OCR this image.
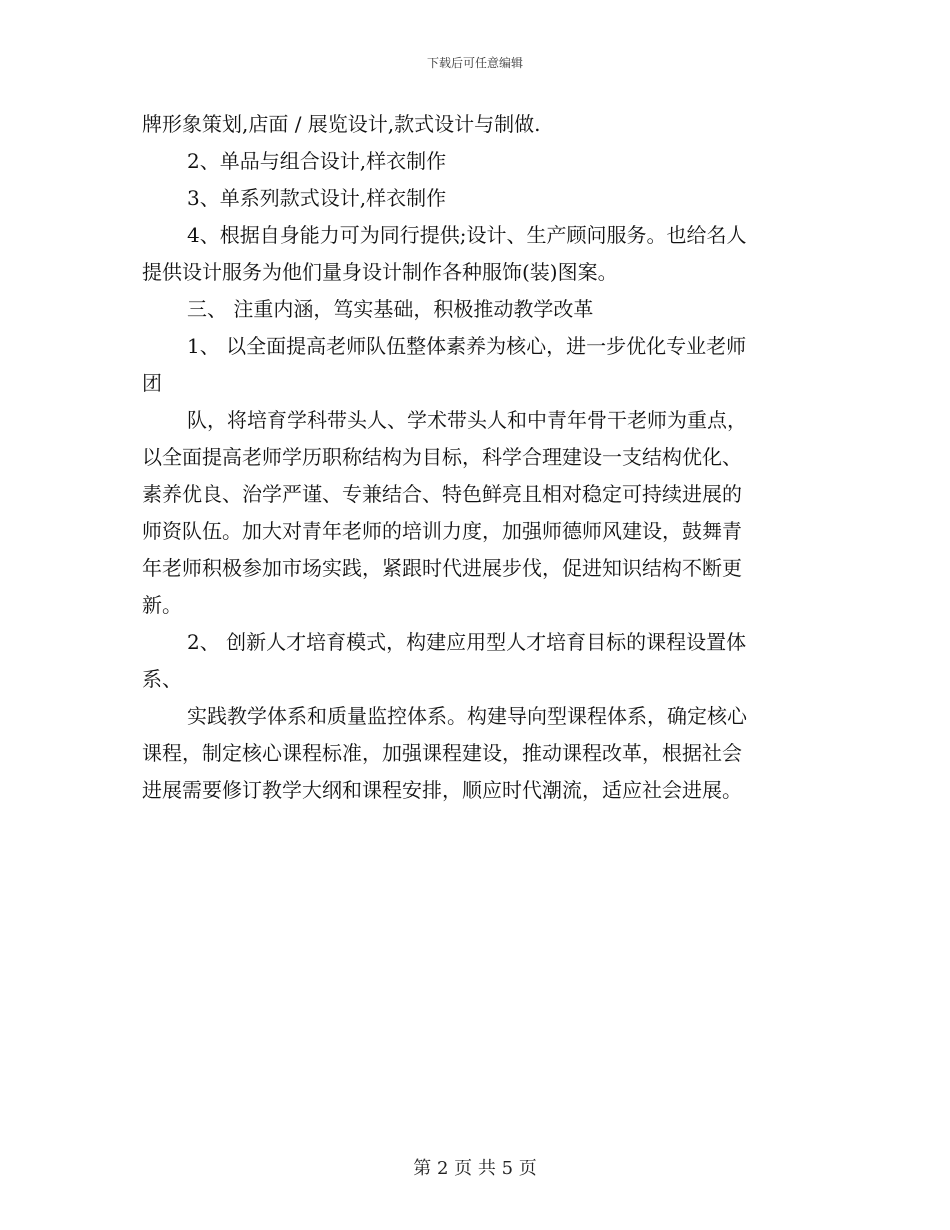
下载后可任意编辑
牌形象策划,店面 / 展览设计,款式设计与制做.
2、单品与组合设计,样衣制作
3、单系列款式设计,样衣制作
4、根据自身能力可为同行提供;设计、生产顾问服务。也给名人
提供设计服务为他们量身设计制作各种服饰(装)图案。
三、 注重内涵，笃实基础，积极推动教学改革
1、 以全面提高老师队伍整体素养为核心，进一步优化专业老师
团
队，将培育学科带头人、学术带头人和中青年骨干老师为重点，
以全面提高老师学历职称结构为目标，科学合理建设一支结构优化、
素养优良、治学严谨、专兼结合、特色鲜亮且相对稳定可持续进展的
师资队伍。加大对青年老师的培训力度，加强师德师风建设，鼓舞青
年老师积极参加市场实践，紧跟时代进展步伐，促进知识结构不断更
新。
2、 创新人才培育模式，构建应用型人才培育目标的课程设置体
系、
实践教学体系和质量监控体系。构建导向型课程体系，确定核心
课程，制定核心课程标准，加强课程建设，推动课程改革，根据社会
进展需要修订教学大纲和课程安排，顺应时代潮流，适应社会进展。
第 2 页 共 5 页
